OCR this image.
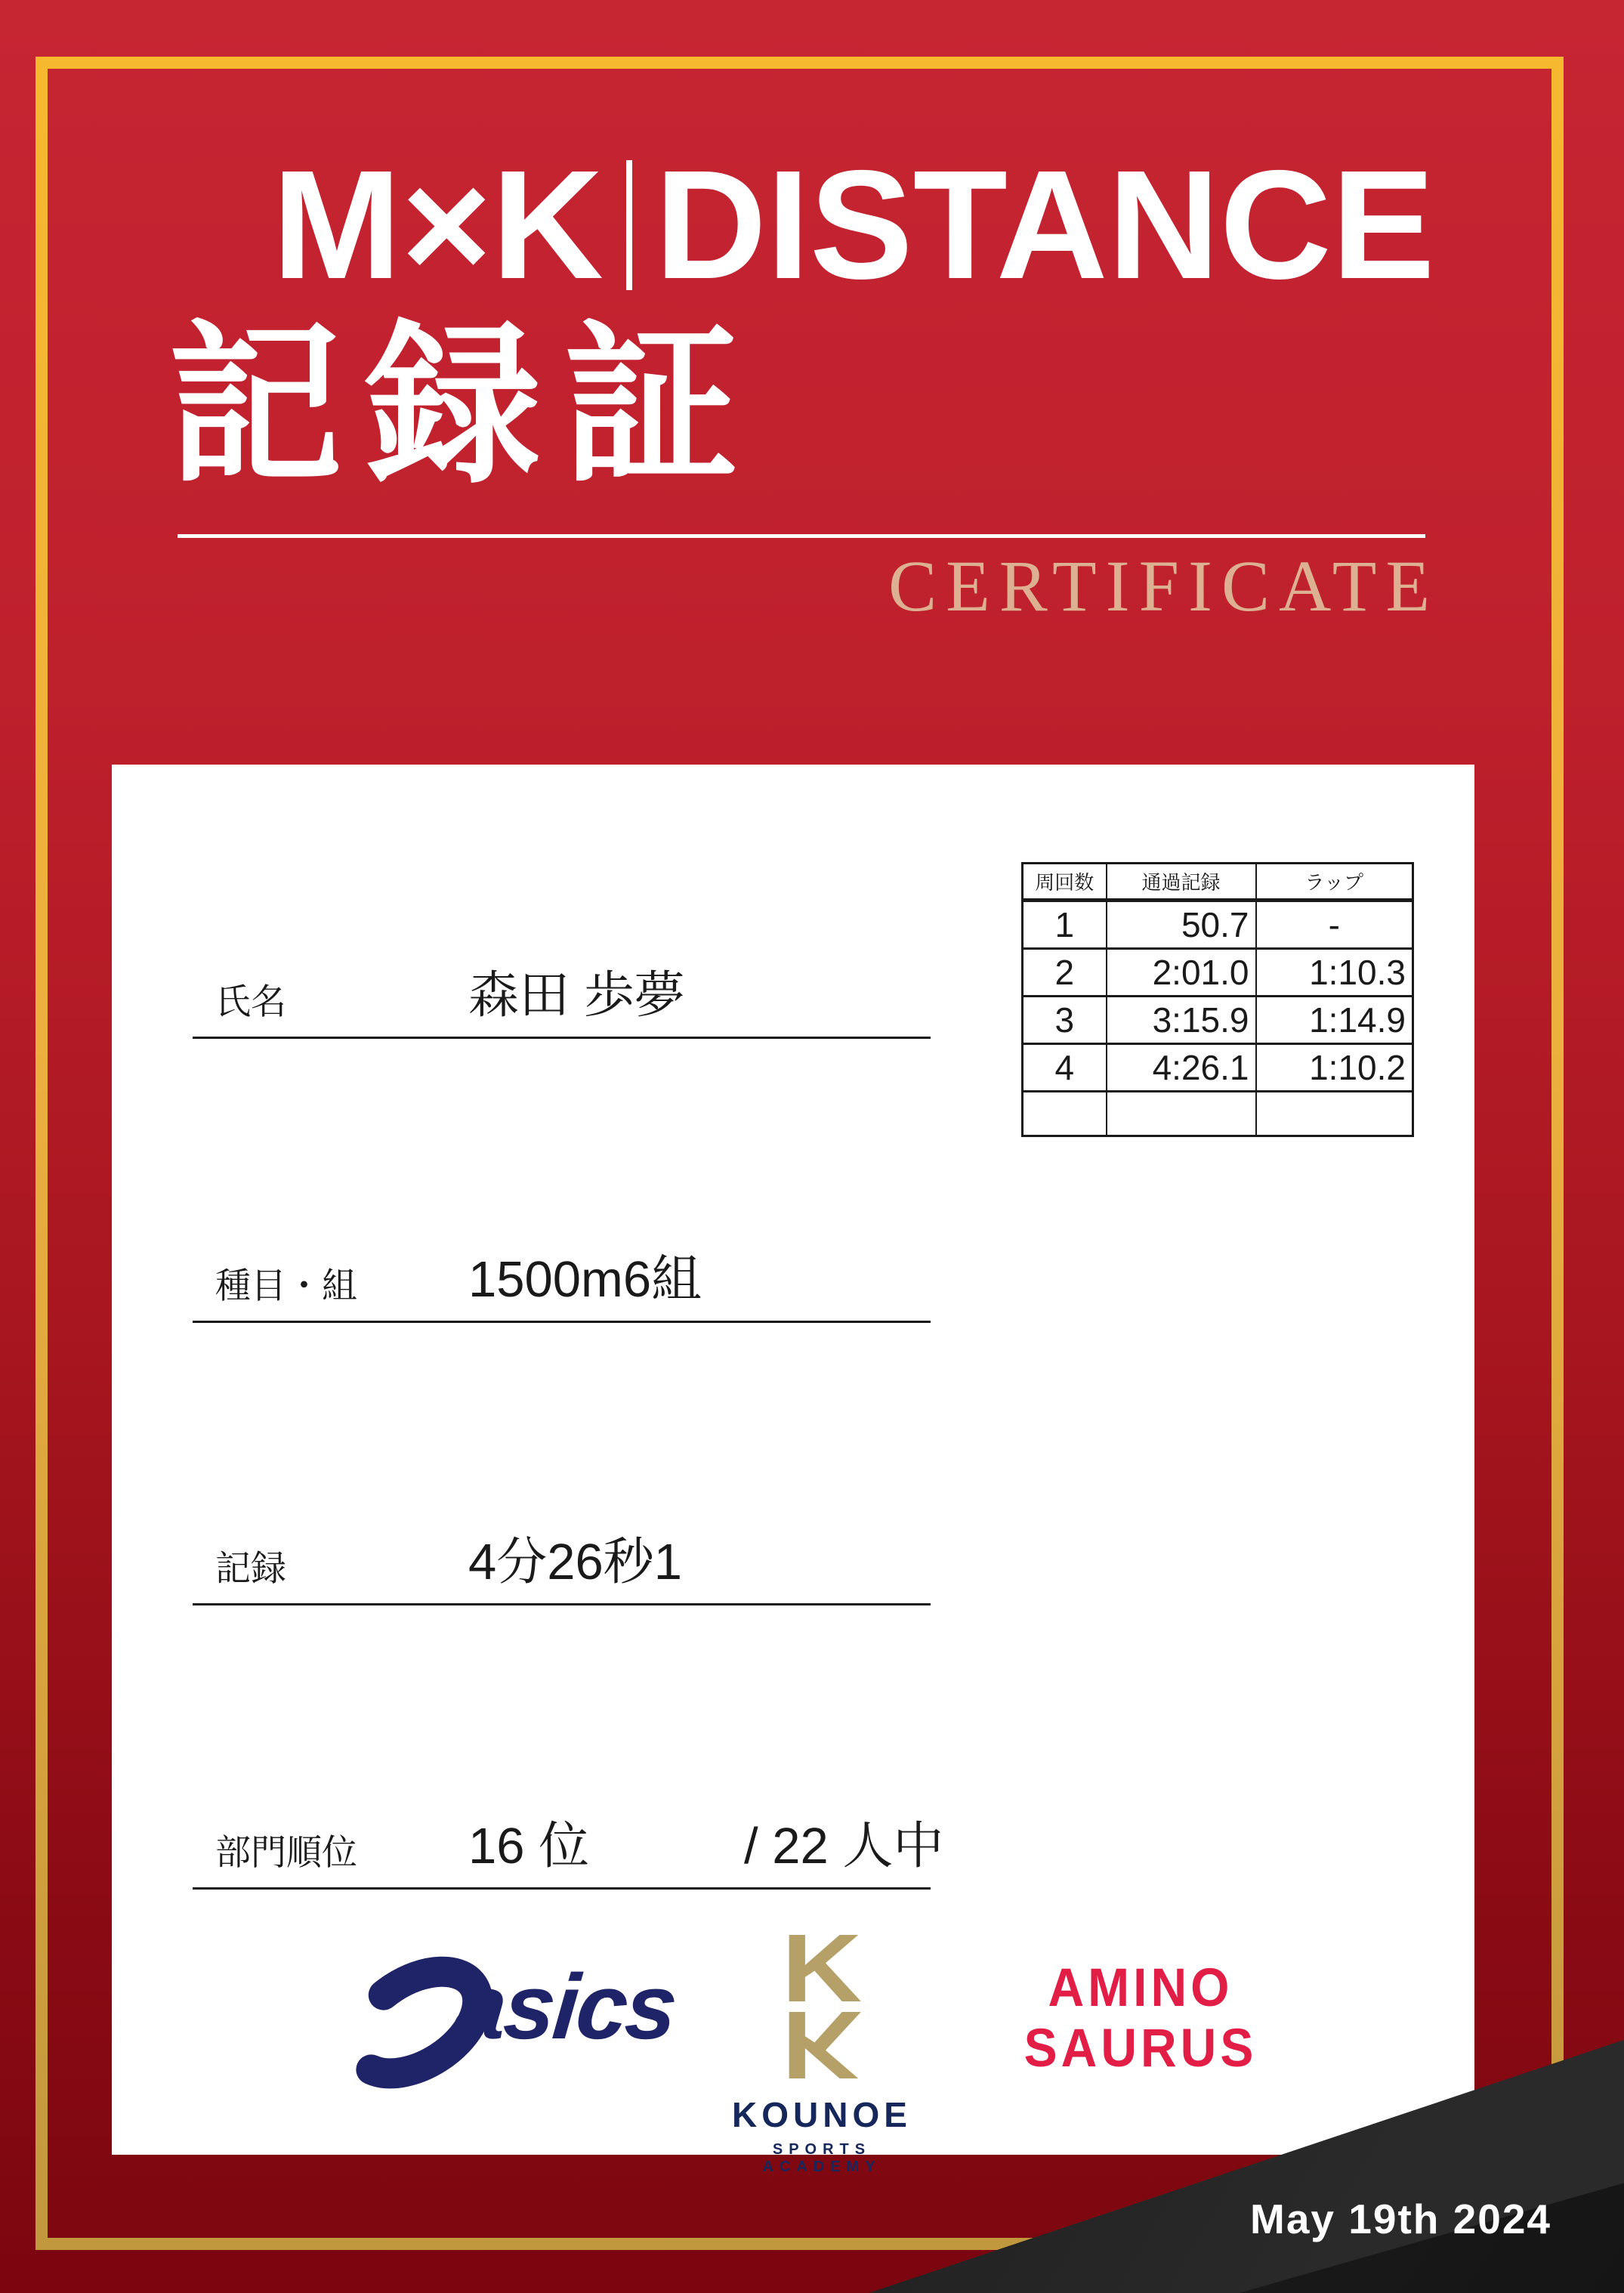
M×K DISTANCE
記録証
CERTIFICATE
氏名	森田 歩夢
種目・組 1500m6組
記録	4分26秒1
部門順位 16 位	/ 22 人中
周回数	通過記録	ラップ
1	50.7	-
2	2:01.0	1:10.3
3	3:15.9	1:14.9
4	4:26.1	1:10.2

asics	K
K
KOUNOE
SPORTS ACADEMY
AMINO
SAURUS
May 19th 2024
